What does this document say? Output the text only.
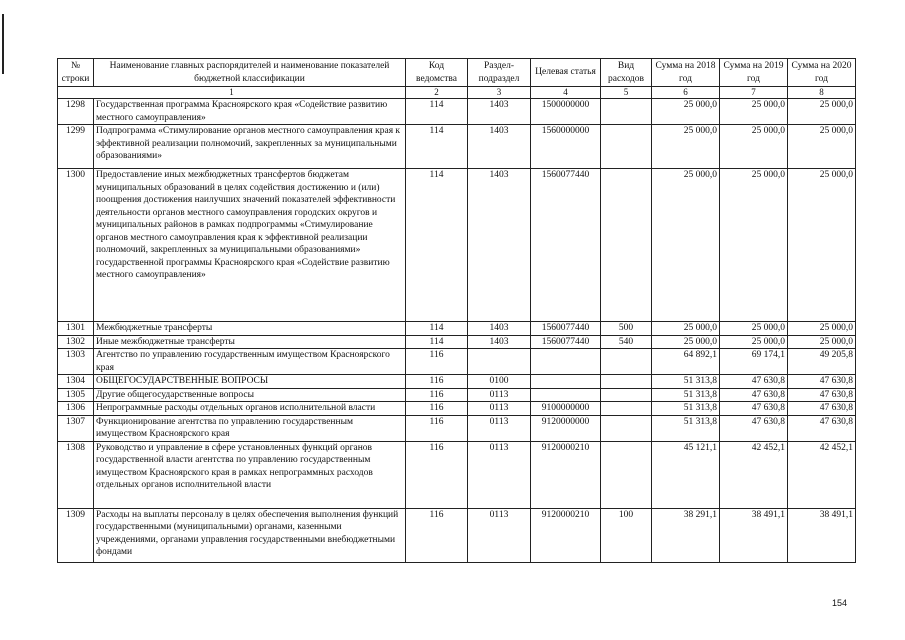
№ строки	Наименование главных распорядителей и наименование показателей бюджетной классификации	Код ведомства	Раздел-подраздел	Целевая статья	Вид расходов	Сумма на 2018 год	Сумма на 2019 год	Сумма на 2020 год
1		2	3	4	5	6	7	8
1298	Государственная программа Красноярского края «Содействие развитию местного самоуправления»	114	1403	1500000000		25 000,0	25 000,0	25 000,0
1299	Подпрограмма «Стимулирование органов местного самоуправления края к эффективной реализации полномочий, закрепленных за муниципальными образованиями»	114	1403	1560000000		25 000,0	25 000,0	25 000,0
1300	Предоставление иных межбюджетных трансфертов бюджетам муниципальных образований в целях содействия достижению и (или) поощрения достижения наилучших значений показателей эффективности деятельности органов местного самоуправления городских округов и муниципальных районов в рамках подпрограммы «Стимулирование органов местного самоуправления края к эффективной реализации полномочий, закрепленных за муниципальными образованиями» государственной программы Красноярского края «Содействие развитию местного самоуправления»	114	1403	1560077440		25 000,0	25 000,0	25 000,0
1301	Межбюджетные трансферты	114	1403	1560077440	500	25 000,0	25 000,0	25 000,0
1302	Иные межбюджетные трансферты	114	1403	1560077440	540	25 000,0	25 000,0	25 000,0
1303	Агентство по управлению государственным имуществом Красноярского края	116				64 892,1	69 174,1	49 205,8
1304	ОБЩЕГОСУДАРСТВЕННЫЕ ВОПРОСЫ	116	0100			51 313,8	47 630,8	47 630,8
1305	Другие общегосударственные вопросы	116	0113			51 313,8	47 630,8	47 630,8
1306	Непрограммные расходы отдельных органов исполнительной власти	116	0113	9100000000		51 313,8	47 630,8	47 630,8
1307	Функционирование агентства по управлению государственным имуществом Красноярского края	116	0113	9120000000		51 313,8	47 630,8	47 630,8
1308	Руководство и управление в сфере установленных функций органов государственной власти агентства по управлению государственным имуществом Красноярского края в рамках непрограммных расходов отдельных органов исполнительной власти	116	0113	9120000210		45 121,1	42 452,1	42 452,1
1309	Расходы на выплаты персоналу в целях обеспечения выполнения функций государственными (муниципальными) органами, казенными учреждениями, органами управления государственными внебюджетными фондами	116	0113	9120000210	100	38 291,1	38 491,1	38 491,1
154
